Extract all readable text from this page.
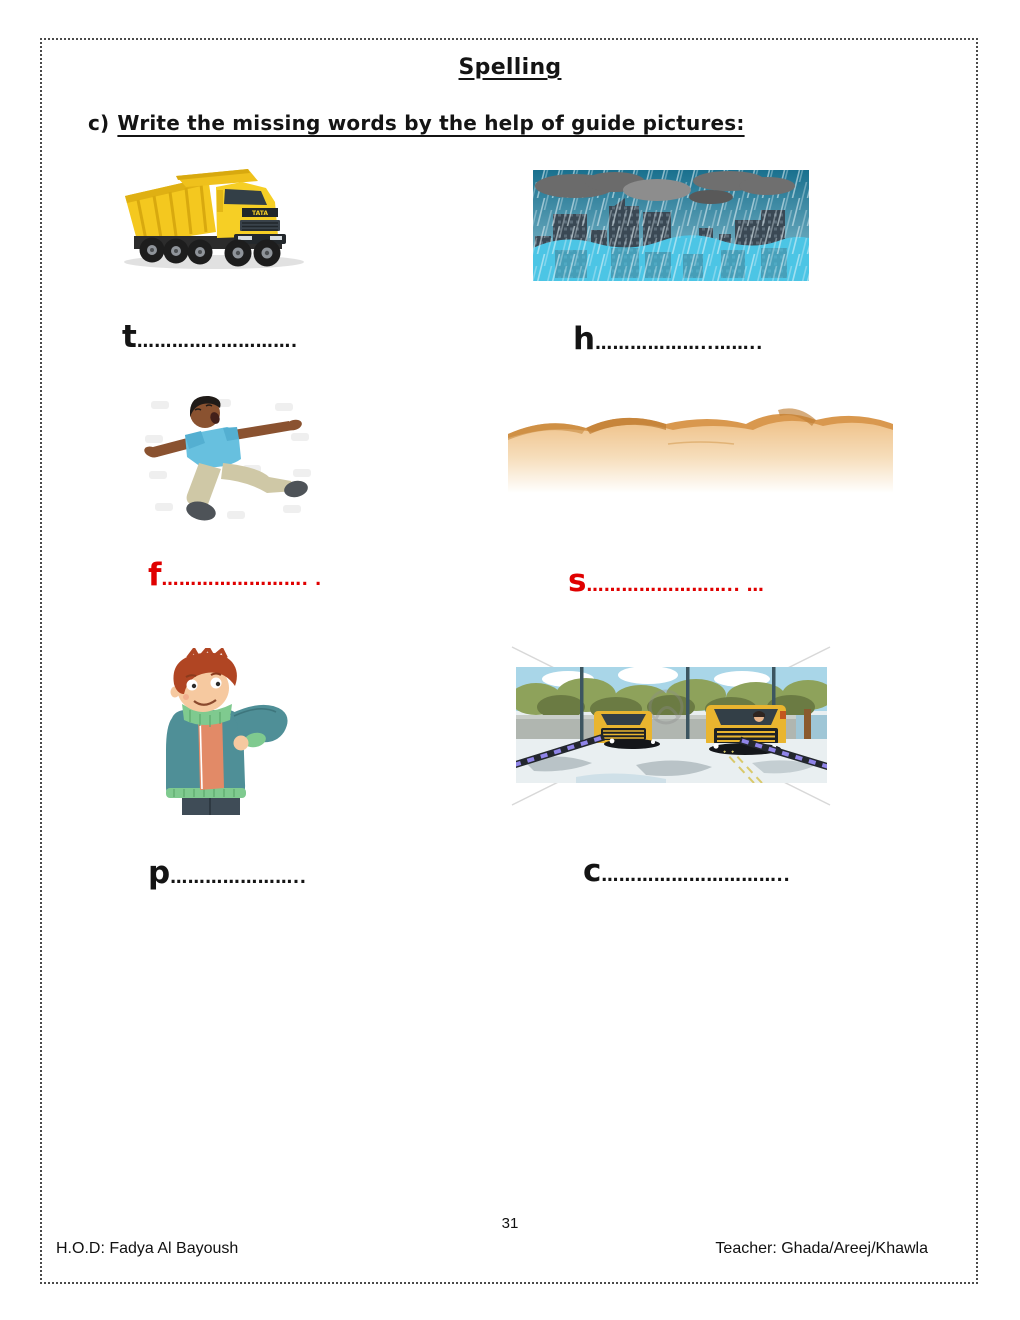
Spelling
c) Write the missing words by the help of guide pictures:
TATA
t …………..………….	h ………………..……..
f ……………………. .	s …………………….. …
p …………………..	c …………………………..
31
H.O.D: Fadya Al Bayoush	Teacher: Ghada/Areej/Khawla
